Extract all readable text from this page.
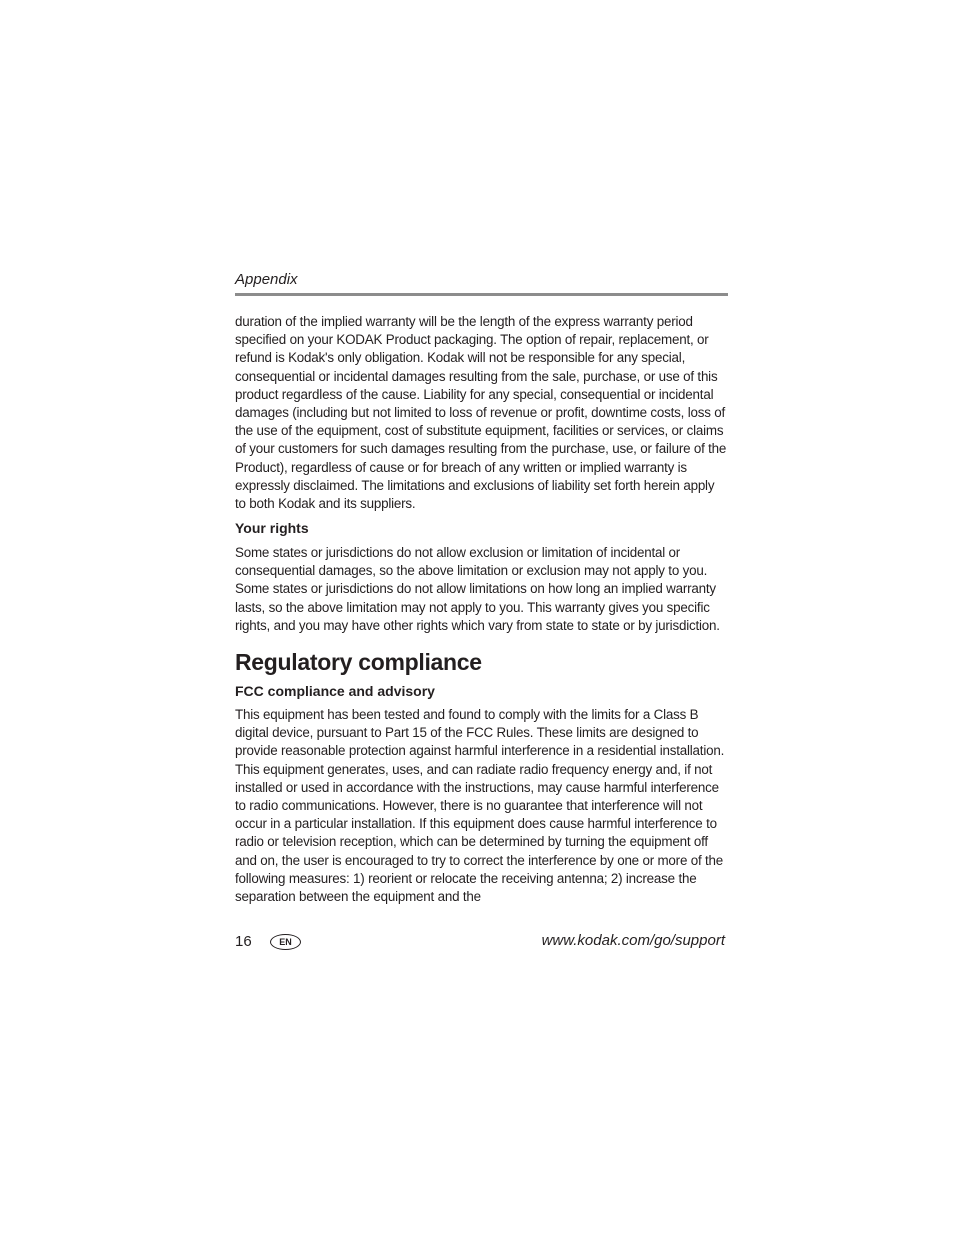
Appendix

duration of the implied warranty will be the length of the express warranty period specified on your KODAK Product packaging. The option of repair, replacement, or refund is Kodak's only obligation. Kodak will not be responsible for any special, consequential or incidental damages resulting from the sale, purchase, or use of this product regardless of the cause. Liability for any special, consequential or incidental damages (including but not limited to loss of revenue or profit, downtime costs, loss of the use of the equipment, cost of substitute equipment, facilities or services, or claims of your customers for such damages resulting from the purchase, use, or failure of the Product), regardless of cause or for breach of any written or implied warranty is expressly disclaimed. The limitations and exclusions of liability set forth herein apply to both Kodak and its suppliers.

Your rights

Some states or jurisdictions do not allow exclusion or limitation of incidental or consequential damages, so the above limitation or exclusion may not apply to you. Some states or jurisdictions do not allow limitations on how long an implied warranty lasts, so the above limitation may not apply to you. This warranty gives you specific rights, and you may have other rights which vary from state to state or by jurisdiction.

Regulatory compliance
FCC compliance and advisory

This equipment has been tested and found to comply with the limits for a Class B digital device, pursuant to Part 15 of the FCC Rules. These limits are designed to provide reasonable protection against harmful interference in a residential installation. This equipment generates, uses, and can radiate radio frequency energy and, if not installed or used in accordance with the instructions, may cause harmful interference to radio communications. However, there is no guarantee that interference will not occur in a particular installation. If this equipment does cause harmful interference to radio or television reception, which can be determined by turning the equipment off and on, the user is encouraged to try to correct the interference by one or more of the following measures: 1) reorient or relocate the receiving antenna; 2) increase the separation between the equipment and the

16	EN	www.kodak.com/go/support
